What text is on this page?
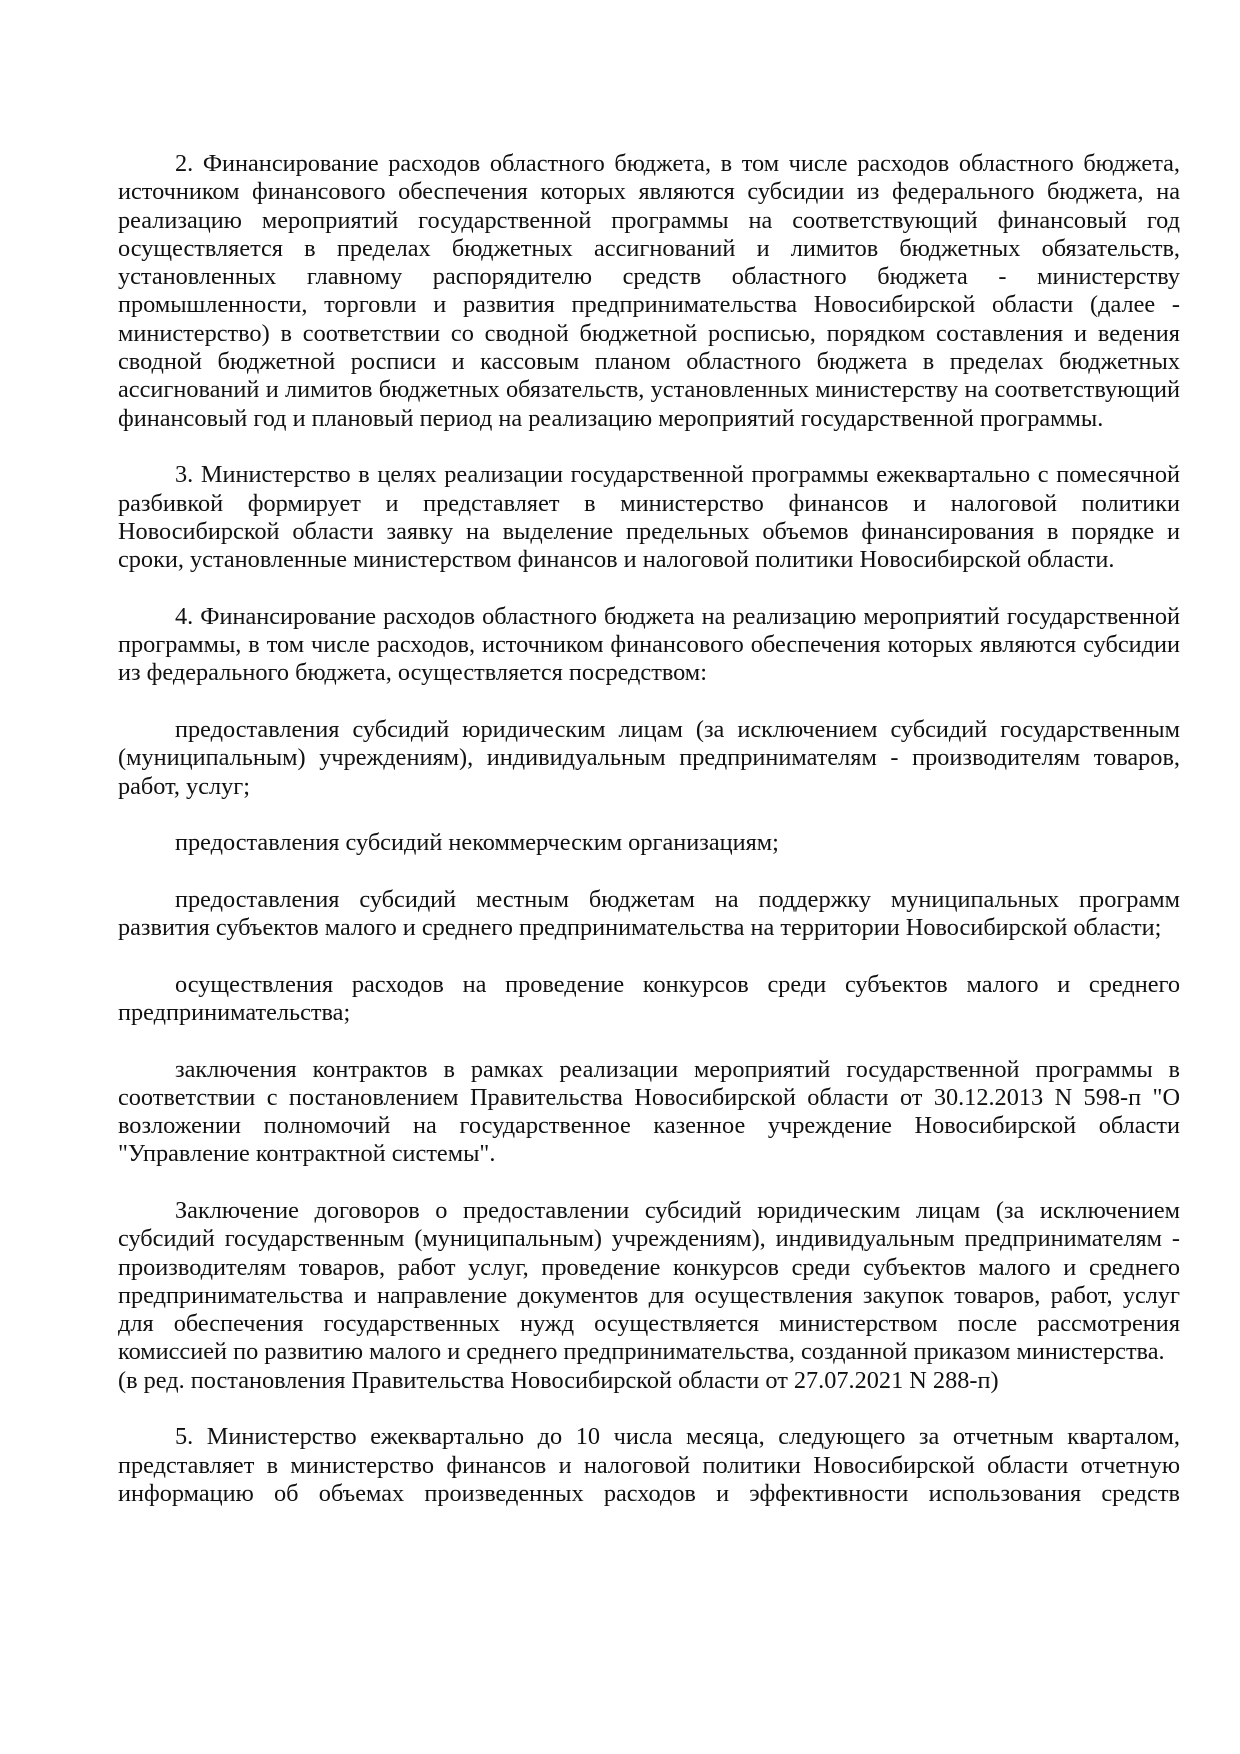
2. Финансирование расходов областного бюджета, в том числе расходов областного бюджета, источником финансового обеспечения которых являются субсидии из федерального бюджета, на реализацию мероприятий государственной программы на соответствующий финансовый год осуществляется в пределах бюджетных ассигнований и лимитов бюджетных обязательств, установленных главному распорядителю средств областного бюджета - министерству промышленности, торговли и развития предпринимательства Новосибирской области (далее - министерство) в соответствии со сводной бюджетной росписью, порядком составления и ведения сводной бюджетной росписи и кассовым планом областного бюджета в пределах бюджетных ассигнований и лимитов бюджетных обязательств, установленных министерству на соответствующий финансовый год и плановый период на реализацию мероприятий государственной программы.

3. Министерство в целях реализации государственной программы ежеквартально с помесячной разбивкой формирует и представляет в министерство финансов и налоговой политики Новосибирской области заявку на выделение предельных объемов финансирования в порядке и сроки, установленные министерством финансов и налоговой политики Новосибирской области.

4. Финансирование расходов областного бюджета на реализацию мероприятий государственной программы, в том числе расходов, источником финансового обеспечения которых являются субсидии из федерального бюджета, осуществляется посредством:

предоставления субсидий юридическим лицам (за исключением субсидий государственным (муниципальным) учреждениям), индивидуальным предпринимателям - производителям товаров, работ, услуг;

предоставления субсидий некоммерческим организациям;

предоставления субсидий местным бюджетам на поддержку муниципальных программ развития субъектов малого и среднего предпринимательства на территории Новосибирской области;

осуществления расходов на проведение конкурсов среди субъектов малого и среднего предпринимательства;

заключения контрактов в рамках реализации мероприятий государственной программы в соответствии с постановлением Правительства Новосибирской области от 30.12.2013 N 598-п "О возложении полномочий на государственное казенное учреждение Новосибирской области "Управление контрактной системы".

Заключение договоров о предоставлении субсидий юридическим лицам (за исключением субсидий государственным (муниципальным) учреждениям), индивидуальным предпринимателям - производителям товаров, работ услуг, проведение конкурсов среди субъектов малого и среднего предпринимательства и направление документов для осуществления закупок товаров, работ, услуг для обеспечения государственных нужд осуществляется министерством после рассмотрения комиссией по развитию малого и среднего предпринимательства, созданной приказом министерства.

(в ред. постановления Правительства Новосибирской области от 27.07.2021 N 288-п)

5. Министерство ежеквартально до 10 числа месяца, следующего за отчетным кварталом, представляет в министерство финансов и налоговой политики Новосибирской области отчетную информацию об объемах произведенных расходов и эффективности использования средств
